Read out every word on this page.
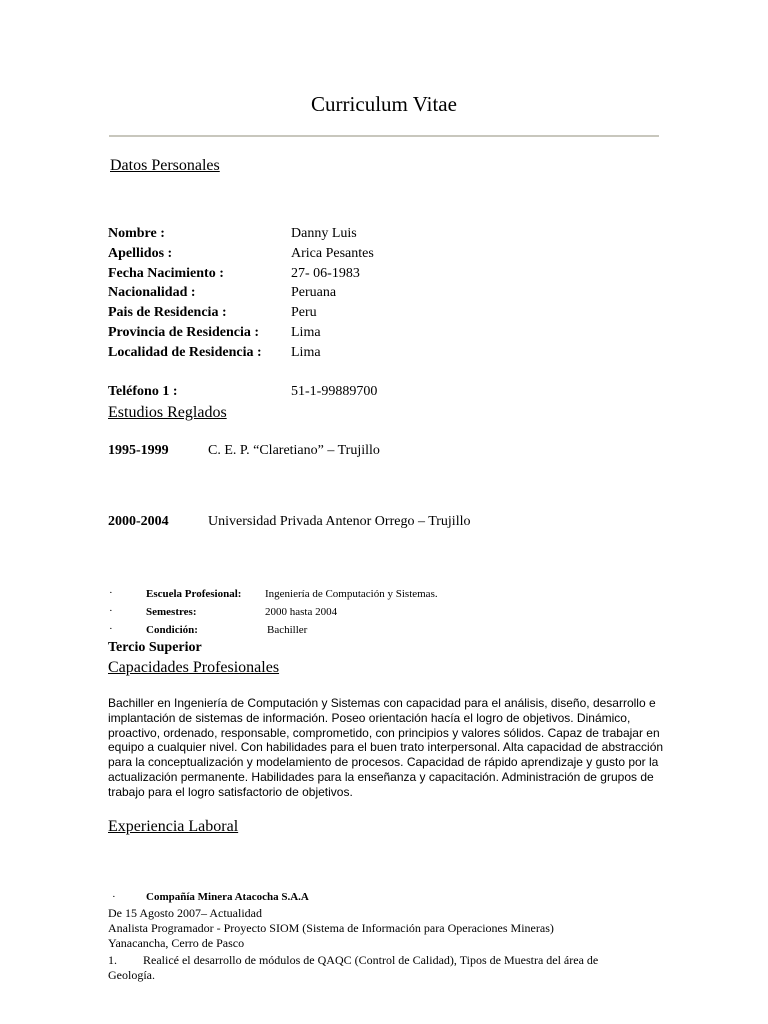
Curriculum Vitae
Datos Personales
Nombre :	Danny Luis
Apellidos :	Arica Pesantes
Fecha Nacimiento :	27- 06-1983
Nacionalidad :	Peruana
Pais de Residencia :	Peru
Provincia de Residencia : Lima
Localidad de Residencia : Lima
Teléfono 1 :	51-1-99889700
Estudios Reglados
1995-1999	C. E. P. “Claretiano” – Trujillo
2000-2004	Universidad Privada Antenor Orrego – Trujillo
·	Escuela Profesional: Ingeniería de Computación y Sistemas.
·	Semestres:	2000 hasta 2004
·	Condición:	Bachiller
Tercio Superior
Capacidades Profesionales
Bachiller en Ingeniería de Computación y Sistemas con capacidad para el análisis, diseño, desarrollo e implantación de sistemas de información. Poseo orientación hacía el logro de objetivos. Dinámico, proactivo, ordenado, responsable, comprometido, con principios y valores sólidos. Capaz de trabajar en equipo a cualquier nivel. Con habilidades para el buen trato interpersonal. Alta capacidad de abstracción para la conceptualización y modelamiento de procesos. Capacidad de rápido aprendizaje y gusto por la actualización permanente. Habilidades para la enseñanza y capacitación. Administración de grupos de trabajo para el logro satisfactorio de objetivos.
Experiencia Laboral
·	Compañía Minera Atacocha S.A.A
De 15 Agosto 2007– Actualidad
Analista Programador - Proyecto SIOM (Sistema de Información para Operaciones Mineras)
Yanacancha, Cerro de Pasco
1. Realicé el desarrollo de módulos de QAQC (Control de Calidad), Tipos de Muestra del área de
Geología.
